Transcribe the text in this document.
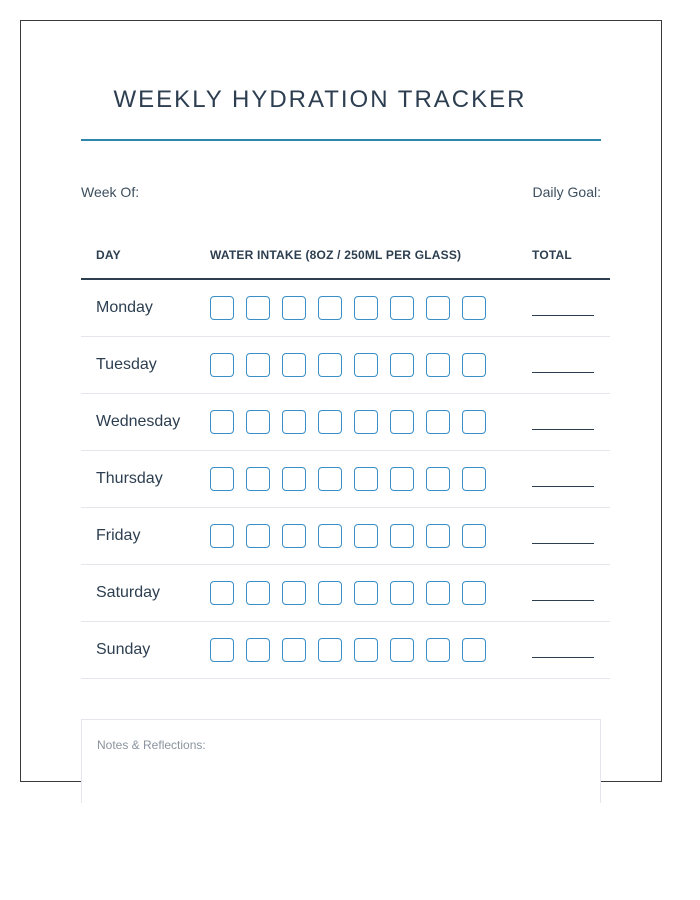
WEEKLY HYDRATION TRACKER
Week Of:	Daily Goal:
DAY	WATER INTAKE (8OZ / 250ML PER GLASS)	TOTAL
Monday
Tuesday
Wednesday
Thursday
Friday
Saturday
Sunday
Notes & Reflections:
